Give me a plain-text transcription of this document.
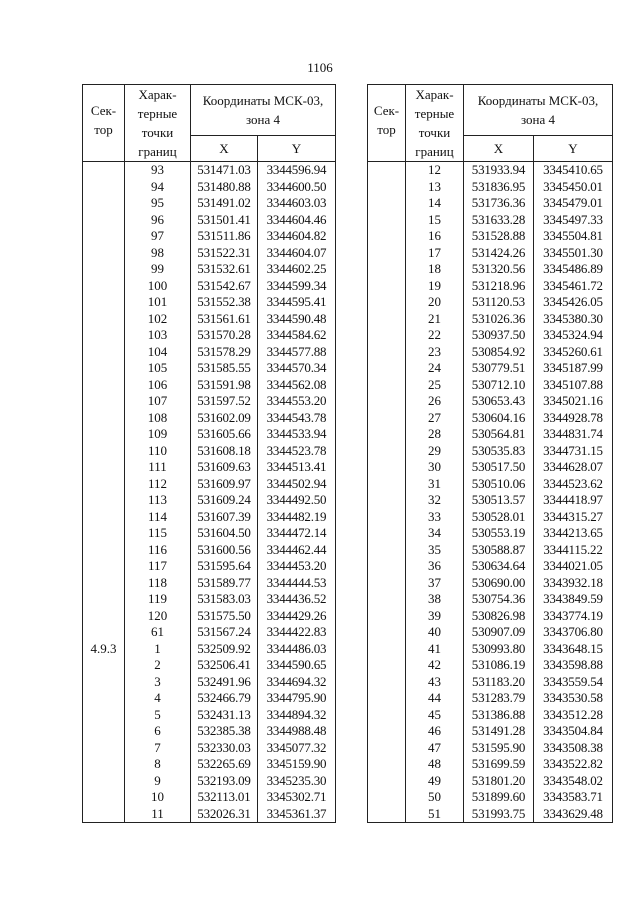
1106
Сек-тор	Харак-терные точки границ	Координаты МСК-03, зона 4	
		X	Y
	93	531471.03	3344596.94
	94	531480.88	3344600.50
	95	531491.02	3344603.03
	96	531501.41	3344604.46
	97	531511.86	3344604.82
	98	531522.31	3344604.07
	99	531532.61	3344602.25
	100	531542.67	3344599.34
	101	531552.38	3344595.41
	102	531561.61	3344590.48
	103	531570.28	3344584.62
	104	531578.29	3344577.88
	105	531585.55	3344570.34
	106	531591.98	3344562.08
	107	531597.52	3344553.20
	108	531602.09	3344543.78
	109	531605.66	3344533.94
	110	531608.18	3344523.78
	111	531609.63	3344513.41
	112	531609.97	3344502.94
	113	531609.24	3344492.50
	114	531607.39	3344482.19
	115	531604.50	3344472.14
	116	531600.56	3344462.44
	117	531595.64	3344453.20
	118	531589.77	3344444.53
	119	531583.03	3344436.52
	120	531575.50	3344429.26
	61	531567.24	3344422.83
4.9.3	1	532509.92	3344486.03
	2	532506.41	3344590.65
	3	532491.96	3344694.32
	4	532466.79	3344795.90
	5	532431.13	3344894.32
	6	532385.38	3344988.48
	7	532330.03	3345077.32
	8	532265.69	3345159.90
	9	532193.09	3345235.30
	10	532113.01	3345302.71
	11	532026.31	3345361.37
Сек-тор	Харак-терные точки границ	Координаты МСК-03, зона 4	
		X	Y
	12	531933.94	3345410.65
	13	531836.95	3345450.01
	14	531736.36	3345479.01
	15	531633.28	3345497.33
	16	531528.88	3345504.81
	17	531424.26	3345501.30
	18	531320.56	3345486.89
	19	531218.96	3345461.72
	20	531120.53	3345426.05
	21	531026.36	3345380.30
	22	530937.50	3345324.94
	23	530854.92	3345260.61
	24	530779.51	3345187.99
	25	530712.10	3345107.88
	26	530653.43	3345021.16
	27	530604.16	3344928.78
	28	530564.81	3344831.74
	29	530535.83	3344731.15
	30	530517.50	3344628.07
	31	530510.06	3344523.62
	32	530513.57	3344418.97
	33	530528.01	3344315.27
	34	530553.19	3344213.65
	35	530588.87	3344115.22
	36	530634.64	3344021.05
	37	530690.00	3343932.18
	38	530754.36	3343849.59
	39	530826.98	3343774.19
	40	530907.09	3343706.80
	41	530993.80	3343648.15
	42	531086.19	3343598.88
	43	531183.20	3343559.54
	44	531283.79	3343530.58
	45	531386.88	3343512.28
	46	531491.28	3343504.84
	47	531595.90	3343508.38
	48	531699.59	3343522.82
	49	531801.20	3343548.02
	50	531899.60	3343583.71
	51	531993.75	3343629.48
